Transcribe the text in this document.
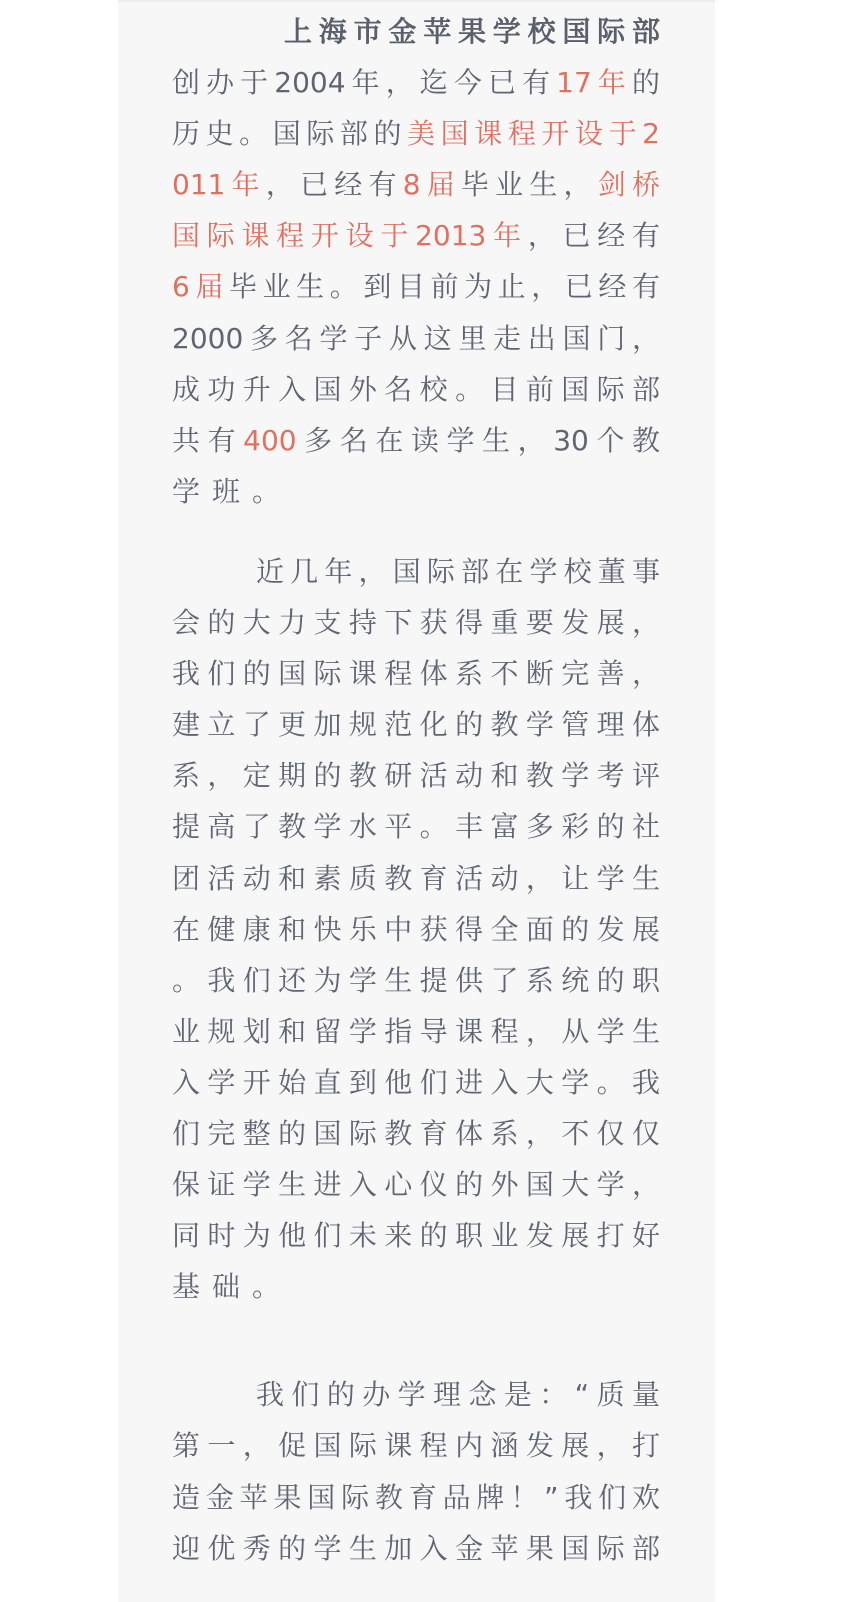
上海市金苹果学校国际部
创办于2004年，迄今已有17年的
历史。国际部的美国课程开设于2
011年，已经有8届毕业生，剑桥
国际课程开设于2013年，已经有
6届毕业生。到目前为止，已经有
2000多名学子从这里走出国门，
成功升入国外名校。目前国际部
共有400多名在读学生，30个教
学班。
近几年，国际部在学校董事
会的大力支持下获得重要发展，
我们的国际课程体系不断完善，
建立了更加规范化的教学管理体
系，定期的教研活动和教学考评
提高了教学水平。丰富多彩的社
团活动和素质教育活动，让学生
在健康和快乐中获得全面的发展
。我们还为学生提供了系统的职
业规划和留学指导课程，从学生
入学开始直到他们进入大学。我
们完整的国际教育体系，不仅仅
保证学生进入心仪的外国大学，
同时为他们未来的职业发展打好
基础。
我们的办学理念是：“质量
第一，促国际课程内涵发展，打
造金苹果国际教育品牌！”我们欢
迎优秀的学生加入金苹果国际部
